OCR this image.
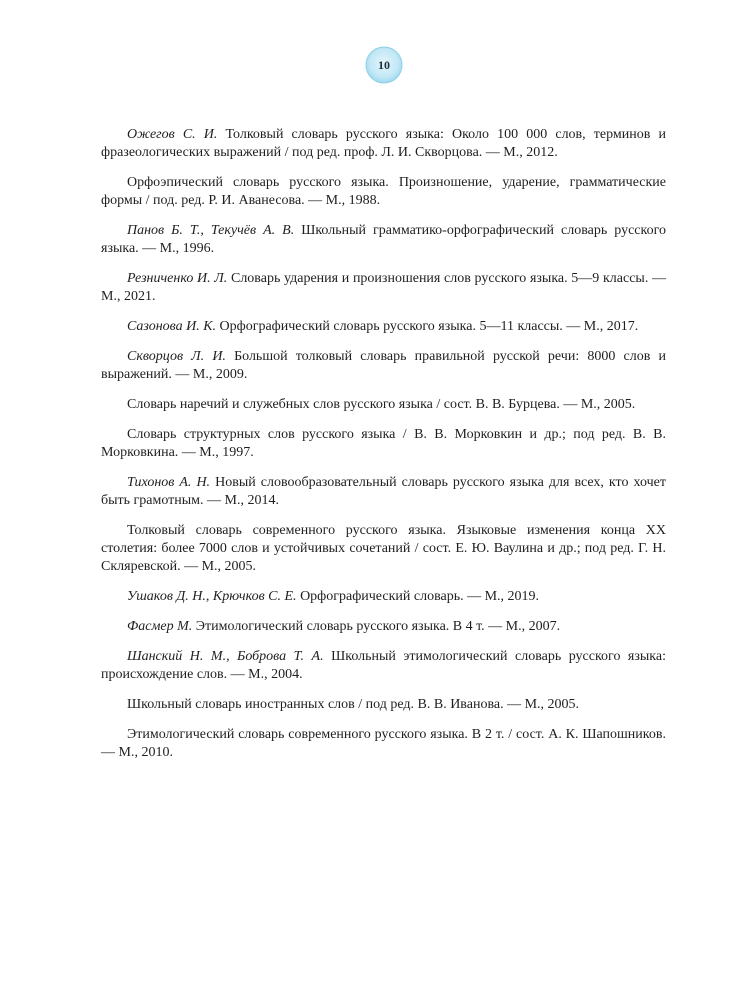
10

Ожегов С. И. Толковый словарь русского языка: Около 100 000 слов, терминов и фразеологических выражений / под ред. проф. Л. И. Скворцова. — М., 2012.

Орфоэпический словарь русского языка. Произношение, ударение, грамматические формы / под. ред. Р. И. Аванесова. — М., 1988.

Панов Б. Т., Текучёв А. В. Школьный грамматико-орфографический словарь русского языка. — М., 1996.

Резниченко И. Л. Словарь ударения и произношения слов русского языка. 5—9 классы. — М., 2021.

Сазонова И. К. Орфографический словарь русского языка. 5—11 классы. — М., 2017.

Скворцов Л. И. Большой толковый словарь правильной русской речи: 8000 слов и выражений. — М., 2009.

Словарь наречий и служебных слов русского языка / сост. В. В. Бурцева. — М., 2005.

Словарь структурных слов русского языка / В. В. Морковкин и др.; под ред. В. В. Морковкина. — М., 1997.

Тихонов А. Н. Новый словообразовательный словарь русского языка для всех, кто хочет быть грамотным. — М., 2014.

Толковый словарь современного русского языка. Языковые изменения конца XX столетия: более 7000 слов и устойчивых сочетаний / сост. Е. Ю. Ваулина и др.; под ред. Г. Н. Скляревской. — М., 2005.

Ушаков Д. Н., Крючков С. Е. Орфографический словарь. — М., 2019.

Фасмер М. Этимологический словарь русского языка. В 4 т. — М., 2007.

Шанский Н. М., Боброва Т. А. Школьный этимологический словарь русского языка: происхождение слов. — М., 2004.

Школьный словарь иностранных слов / под ред. В. В. Иванова. — М., 2005.

Этимологический словарь современного русского языка. В 2 т. / сост. А. К. Шапошников. — М., 2010.
